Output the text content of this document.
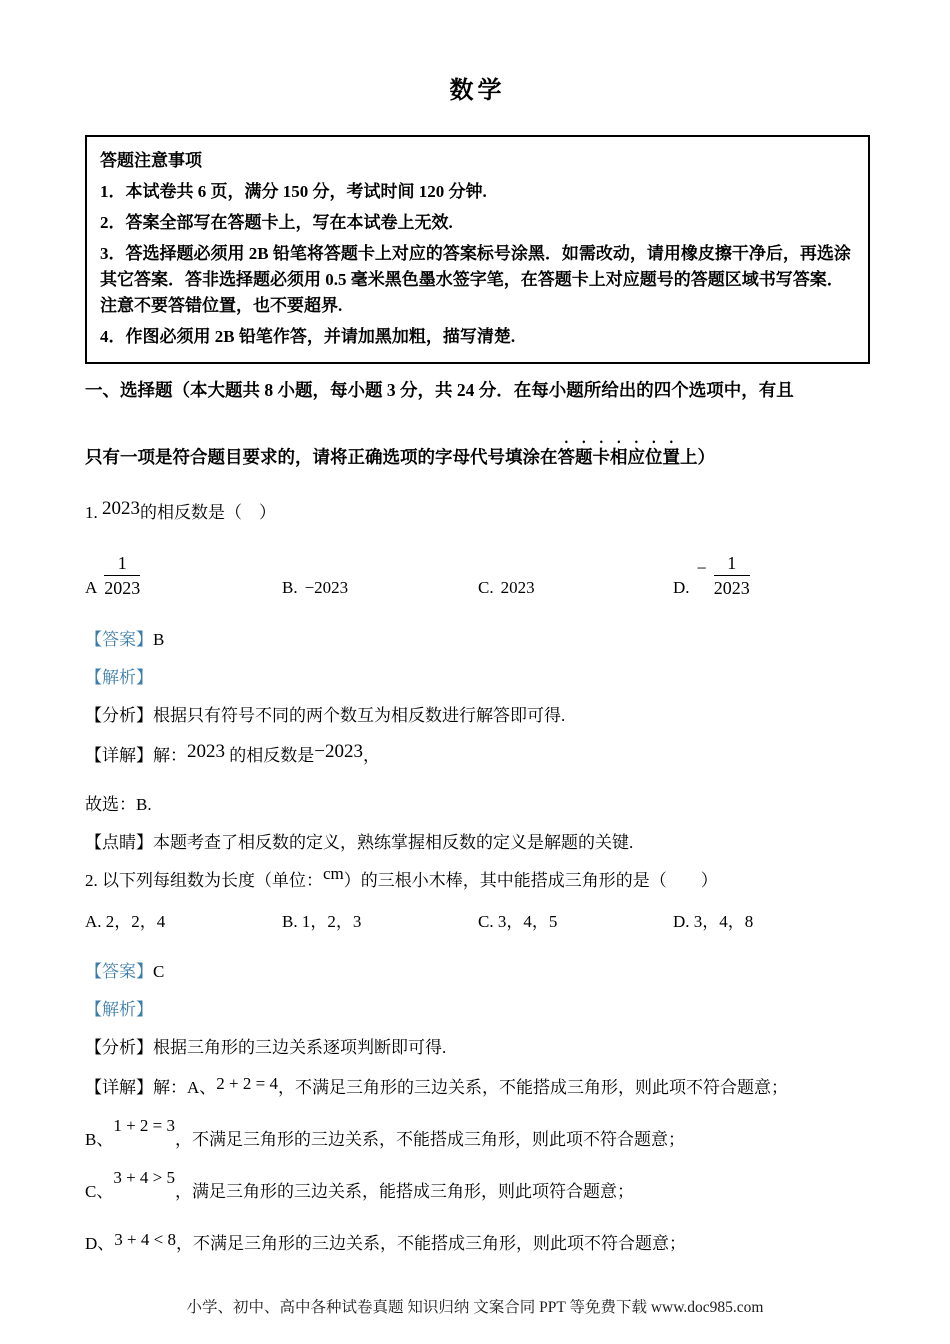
数学

答题注意事项

1．本试卷共 6 页，满分 150 分，考试时间 120 分钟.

2．答案全部写在答题卡上，写在本试卷上无效.

3．答选择题必须用 2B 铅笔将答题卡上对应的答案标号涂黑．如需改动，请用橡皮擦干净后，再选涂其它答案．答非选择题必须用 0.5 毫米黑色墨水签字笔，在答题卡上对应题号的答题区域书写答案．注意不要答错位置，也不要超界.

4．作图必须用 2B 铅笔作答，并请加黑加粗，描写清楚.

一、选择题（本大题共 8 小题，每小题 3 分，共 24 分．在每小题所给出的四个选项中，有且

只有一项是符合题目要求的，请将正确选项的字母代号填涂在答题卡相应位置上）

1. 2023的相反数是（　）

A $\frac{1}{2023}$	B. −2023	C. 2023	D.
− $\frac{1}{2023}$

【答案】B

【解析】

【分析】根据只有符号不同的两个数互为相反数进行解答即可得.

【详解】解：2023 的相反数是−2023，

故选：B.

【点睛】本题考查了相反数的定义，熟练掌握相反数的定义是解题的关键.

2. 以下列每组数为长度（单位：cm）的三根小木棒，其中能搭成三角形的是（　　）

A. 2，2，4	B. 1，2，3	C. 3，4，5	D. 3，4，8

【答案】C

【解析】

【分析】根据三角形的三边关系逐项判断即可得.

【详解】解：A、2 + 2 = 4，不满足三角形的三边关系，不能搭成三角形，则此项不符合题意；

B、1 + 2 = 3，不满足三角形的三边关系，不能搭成三角形，则此项不符合题意；

C、3 + 4 > 5，满足三角形的三边关系，能搭成三角形，则此项符合题意；

D、3 + 4 < 8，不满足三角形的三边关系，不能搭成三角形，则此项不符合题意；

小学、初中、高中各种试卷真题 知识归纳 文案合同 PPT 等免费下载 www.doc985.com
